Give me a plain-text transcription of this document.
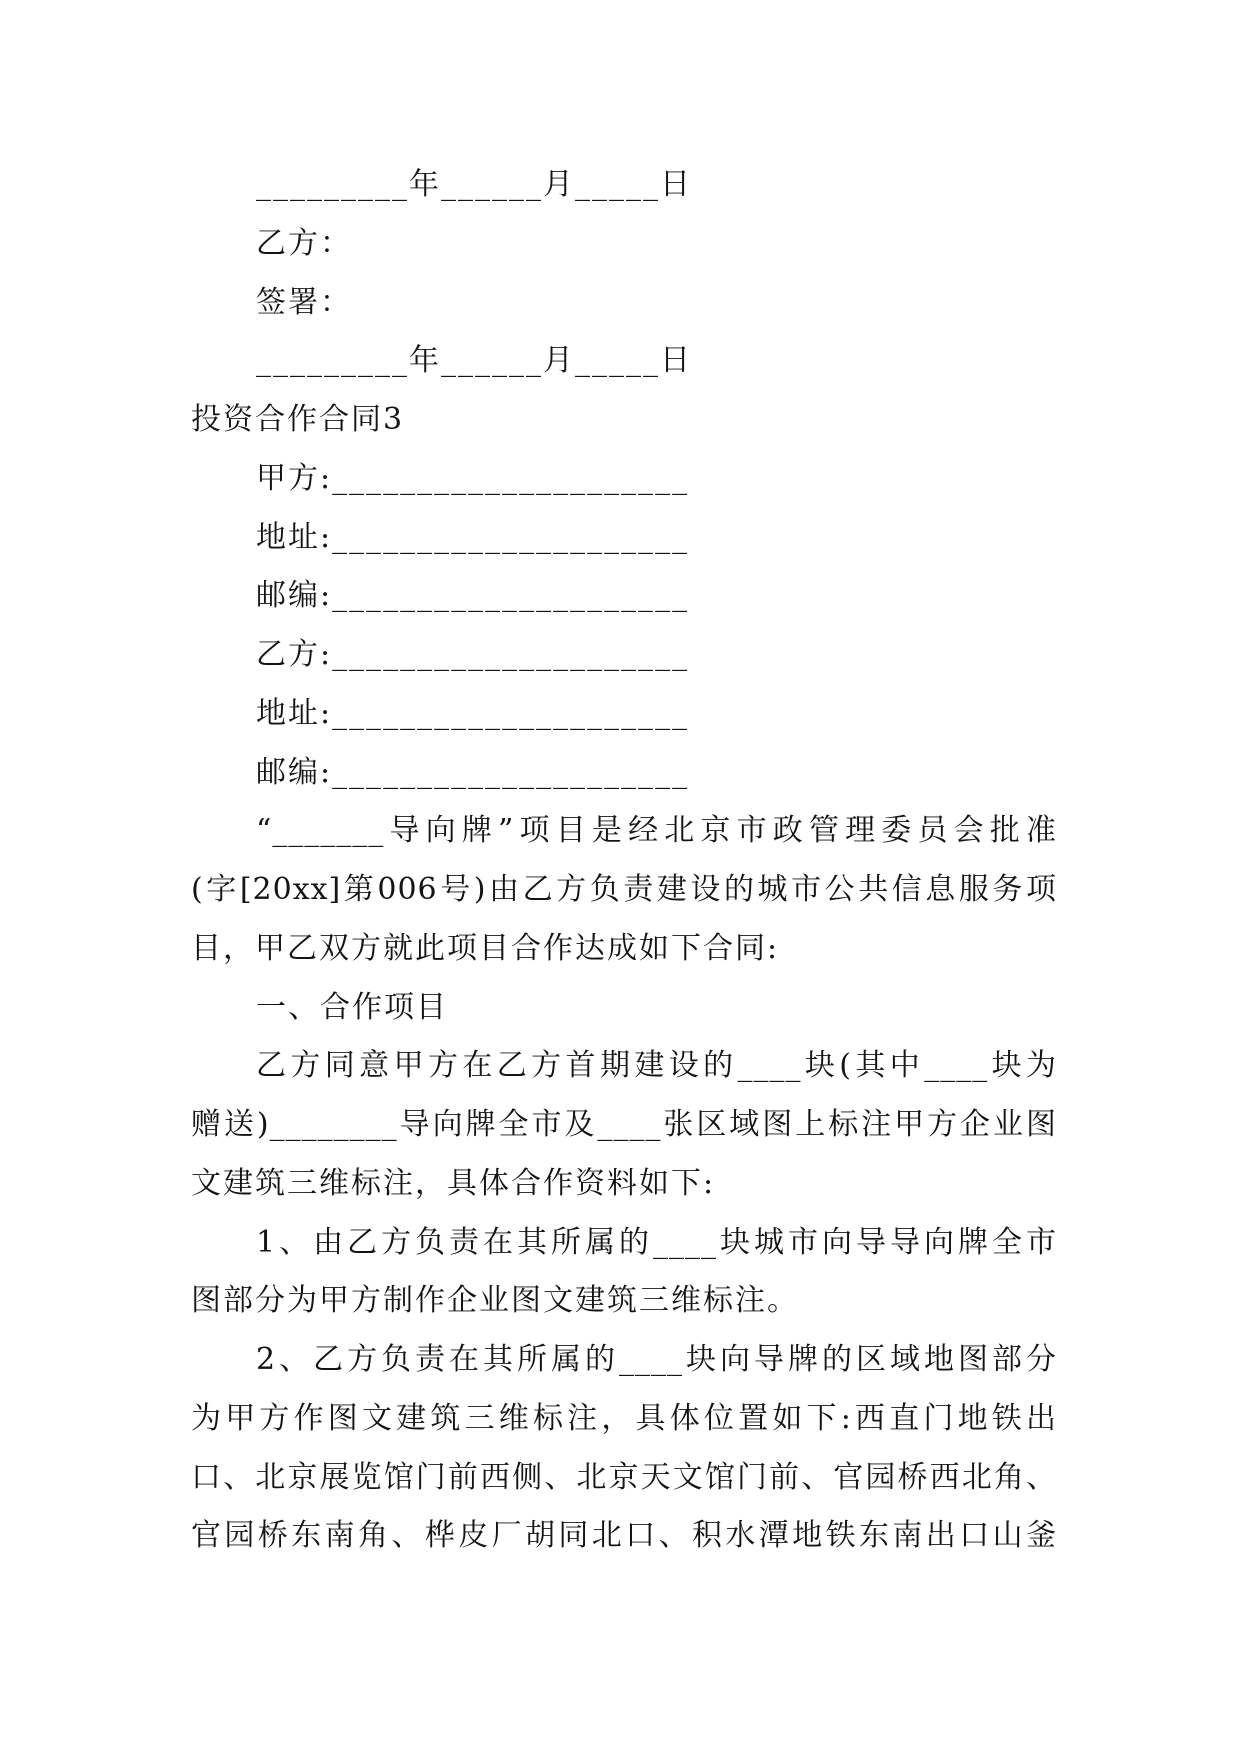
_________年______月_____日
乙方：
签署：
_________年______月_____日
投资合作合同3
甲方:_____________________
地址:_____________________
邮编:_____________________
乙方:_____________________
地址:_____________________
邮编:_____________________
“_______导向牌”项目是经北京市政管理委员会批准
(字[20xx]第006号)由乙方负责建设的城市公共信息服务项
目，甲乙双方就此项目合作达成如下合同:
一、合作项目
乙方同意甲方在乙方首期建设的____块(其中____块为
赠送)________导向牌全市及____张区域图上标注甲方企业图
文建筑三维标注，具体合作资料如下:
1、由乙方负责在其所属的____块城市向导导向牌全市
图部分为甲方制作企业图文建筑三维标注。
2、乙方负责在其所属的____块向导牌的区域地图部分
为甲方作图文建筑三维标注，具体位置如下:西直门地铁出
口、北京展览馆门前西侧、北京天文馆门前、官园桥西北角、
官园桥东南角、桦皮厂胡同北口、积水潭地铁东南出口山釜
